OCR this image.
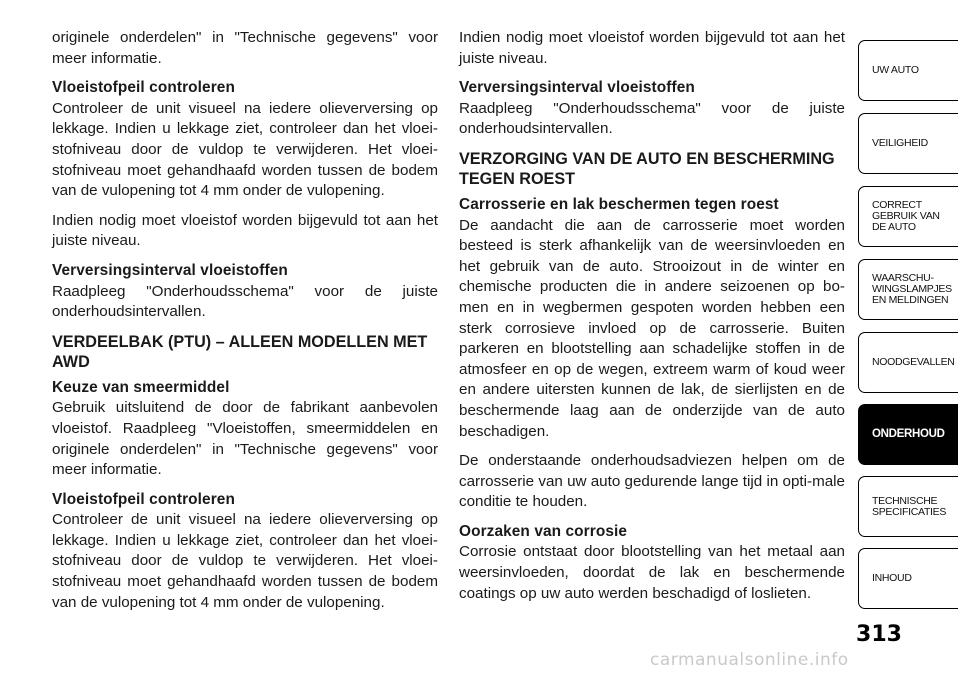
originele onderdelen" in "Technische gegevens" voor meer informatie.

Vloeistofpeil controleren

Controleer de unit visueel na iedere olieverversing op lekkage. Indien u lekkage ziet, controleer dan het vloei-stofniveau door de vuldop te verwijderen. Het vloei-stofniveau moet gehandhaafd worden tussen de bodem van de vulopening tot 4 mm onder de vulopening.

Indien nodig moet vloeistof worden bijgevuld tot aan het juiste niveau.

Verversingsinterval vloeistoffen

Raadpleeg "Onderhoudsschema" voor de juiste onderhoudsintervallen.

VERDEELBAK (PTU) – ALLEEN MODELLEN MET AWD
Keuze van smeermiddel

Gebruik uitsluitend de door de fabrikant aanbevolen vloeistof. Raadpleeg "Vloeistoffen, smeermiddelen en originele onderdelen" in "Technische gegevens" voor meer informatie.

Vloeistofpeil controleren

Controleer de unit visueel na iedere olieverversing op lekkage. Indien u lekkage ziet, controleer dan het vloei-stofniveau door de vuldop te verwijderen. Het vloei-stofniveau moet gehandhaafd worden tussen de bodem van de vulopening tot 4 mm onder de vulopening.

Indien nodig moet vloeistof worden bijgevuld tot aan het juiste niveau.

Verversingsinterval vloeistoffen

Raadpleeg "Onderhoudsschema" voor de juiste onderhoudsintervallen.

VERZORGING VAN DE AUTO EN BESCHERMING TEGEN ROEST
Carrosserie en lak beschermen tegen roest

De aandacht die aan de carrosserie moet worden besteed is sterk afhankelijk van de weersinvloeden en het gebruik van de auto. Strooizout in de winter en chemische producten die in andere seizoenen op bo-men en in wegbermen gespoten worden hebben een sterk corrosieve invloed op de carrosserie. Buiten parkeren en blootstelling aan schadelijke stoffen in de atmosfeer en op de wegen, extreem warm of koud weer en andere uitersten kunnen de lak, de sierlijsten en de beschermende laag aan de onderzijde van de auto beschadigen.

De onderstaande onderhoudsadviezen helpen om de carrosserie van uw auto gedurende lange tijd in opti-male conditie te houden.

Oorzaken van corrosie

Corrosie ontstaat door blootstelling van het metaal aan weersinvloeden, doordat de lak en beschermende coatings op uw auto werden beschadigd of loslieten.

UW AUTO
VEILIGHEID
CORRECT
GEBRUIK VAN
DE AUTO
WAARSCHU-
WINGSLAMPJES
EN MELDINGEN
NOODGEVALLEN
ONDERHOUD
TECHNISCHE
SPECIFICATIES
INHOUD
313
carmanualsonline.info
